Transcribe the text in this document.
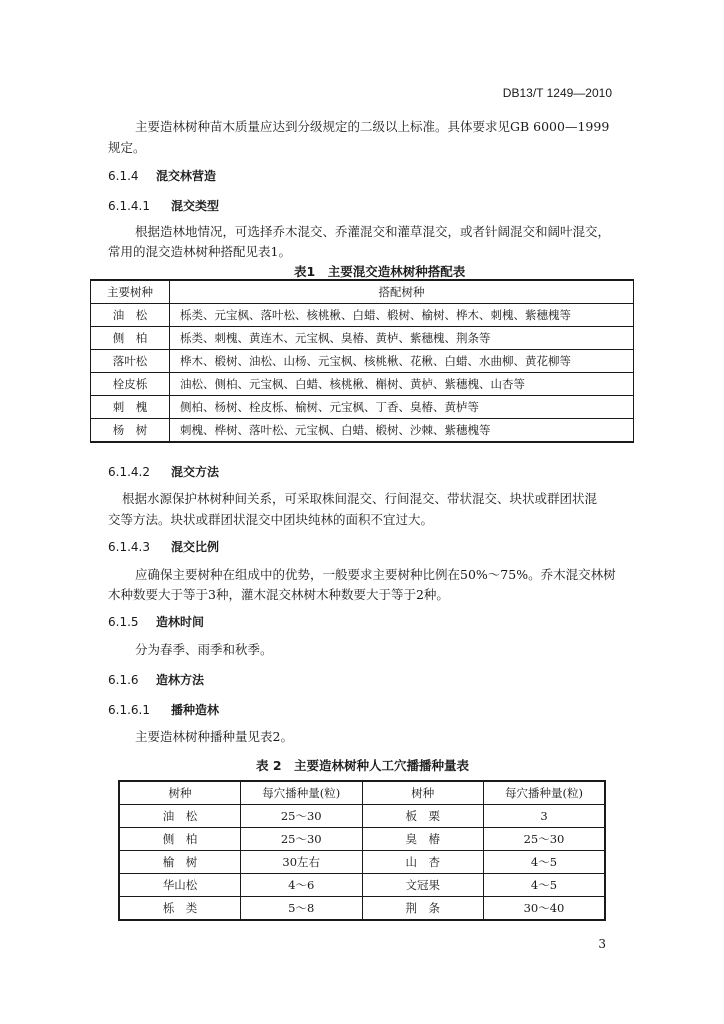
DB13/T 1249—2010
主要造林树种苗木质量应达到分级规定的二级以上标准。具体要求见GB 6000—1999
规定。
6.1.4 混交林营造
6.1.4.1 混交类型
根据造林地情况，可选择乔木混交、乔灌混交和灌草混交，或者针阔混交和阔叶混交，
常用的混交造林树种搭配见表1。
表1　主要混交造林树种搭配表
主要树种	搭配树种
油　松	栎类、元宝枫、落叶松、核桃楸、白蜡、椴树、榆树、桦木、刺槐、紫穗槐等
侧　柏	栎类、刺槐、黄连木、元宝枫、臭椿、黄栌、紫穗槐、荆条等
落叶松	桦木、椴树、油松、山杨、元宝枫、核桃楸、花楸、白蜡、水曲柳、黄花柳等
栓皮栎	油松、侧柏、元宝枫、白蜡、核桃楸、槲树、黄栌、紫穗槐、山杏等
刺　槐	侧柏、杨树、栓皮栎、榆树、元宝枫、丁香、臭椿、黄栌等
杨　树	刺槐、桦树、落叶松、元宝枫、白蜡、椴树、沙棘、紫穗槐等
6.1.4.2 混交方法
根据水源保护林树种间关系，可采取株间混交、行间混交、带状混交、块状或群团状混
交等方法。块状或群团状混交中团块纯林的面积不宜过大。
6.1.4.3 混交比例
应确保主要树种在组成中的优势，一般要求主要树种比例在50%～75%。乔木混交林树
木种数要大于等于3种，灌木混交林树木种数要大于等于2种。
6.1.5 造林时间
分为春季、雨季和秋季。
6.1.6 造林方法
6.1.6.1 播种造林
主要造林树种播种量见表2。
表 2　主要造林树种人工穴播播种量表
树种	每穴播种量(粒)	树种	每穴播种量(粒)
油　松	25～30	板　栗	3
侧　柏	25～30	臭　椿	25～30
榆　树	30左右	山　杏	4～5
华山松	4～6	文冠果	4～5
栎　类	5～8	荆　条	30～40
3
